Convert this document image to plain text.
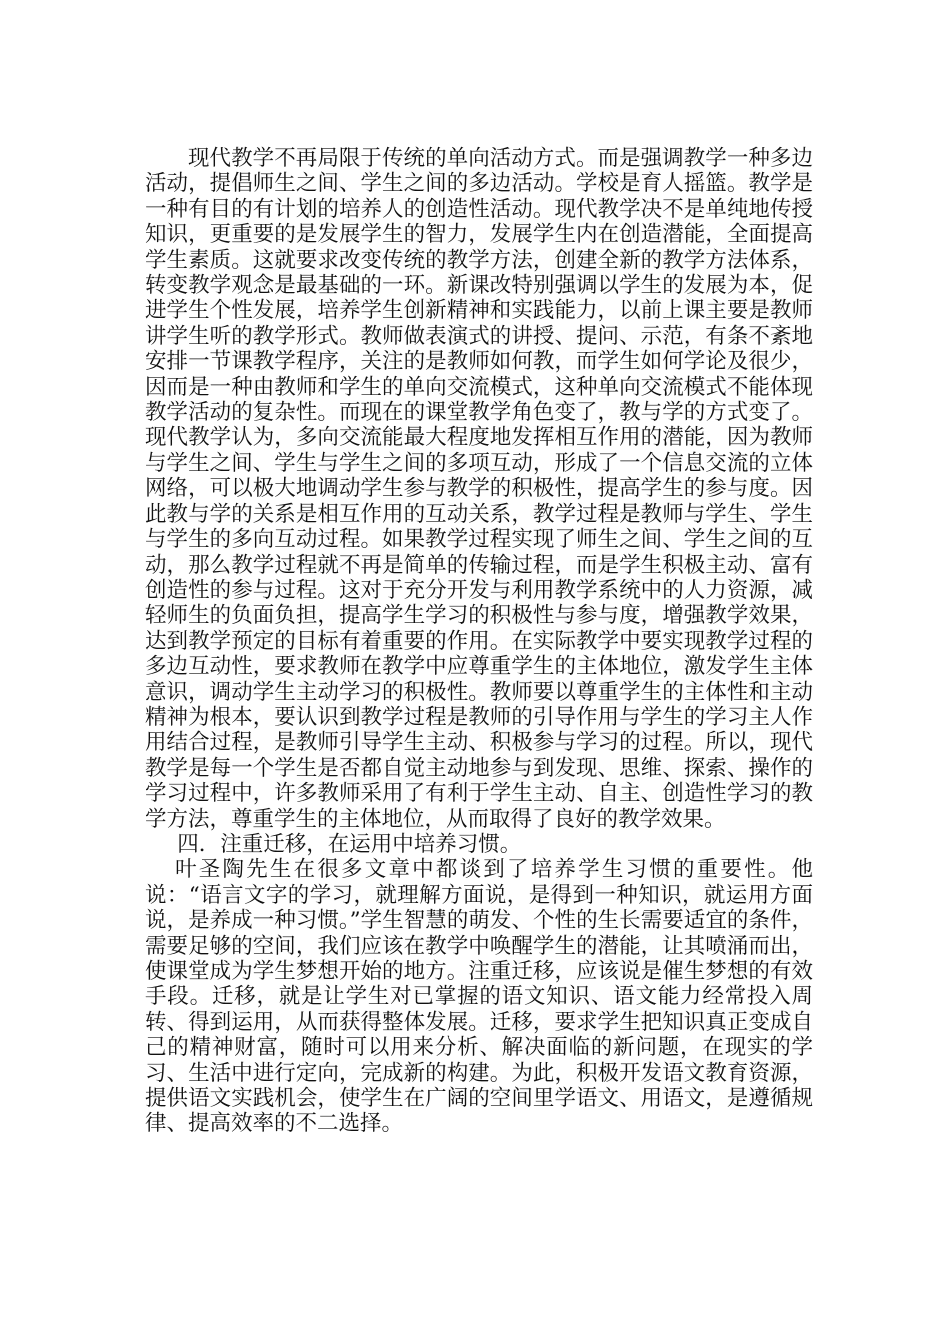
现代教学不再局限于传统的单向活动方式。而是强调教学一种多边活动，提倡师生之间、学生之间的多边活动。学校是育人摇篮。教学是一种有目的有计划的培养人的创造性活动。现代教学决不是单纯地传授知识，更重要的是发展学生的智力，发展学生内在创造潜能，全面提高学生素质。这就要求改变传统的教学方法，创建全新的教学方法体系，转变教学观念是最基础的一环。新课改特别强调以学生的发展为本，促进学生个性发展，培养学生创新精神和实践能力，以前上课主要是教师讲学生听的教学形式。教师做表演式的讲授、提问、示范，有条不紊地安排一节课教学程序，关注的是教师如何教，而学生如何学论及很少，因而是一种由教师和学生的单向交流模式，这种单向交流模式不能体现教学活动的复杂性。而现在的课堂教学角色变了，教与学的方式变了。现代教学认为，多向交流能最大程度地发挥相互作用的潜能，因为教师与学生之间、学生与学生之间的多项互动，形成了一个信息交流的立体网络，可以极大地调动学生参与教学的积极性，提高学生的参与度。因此教与学的关系是相互作用的互动关系，教学过程是教师与学生、学生与学生的多向互动过程。如果教学过程实现了师生之间、学生之间的互动，那么教学过程就不再是简单的传输过程，而是学生积极主动、富有创造性的参与过程。这对于充分开发与利用教学系统中的人力资源，减轻师生的负面负担，提高学生学习的积极性与参与度，增强教学效果，达到教学预定的目标有着重要的作用。在实际教学中要实现教学过程的多边互动性，要求教师在教学中应尊重学生的主体地位，激发学生主体意识，调动学生主动学习的积极性。教师要以尊重学生的主体性和主动精神为根本，要认识到教学过程是教师的引导作用与学生的学习主人作用结合过程，是教师引导学生主动、积极参与学习的过程。所以，现代教学是每一个学生是否都自觉主动地参与到发现、思维、探索、操作的学习过程中，许多教师采用了有利于学生主动、自主、创造性学习的教学方法，尊重学生的主体地位，从而取得了良好的教学效果。

四．注重迁移，在运用中培养习惯。

叶圣陶先生在很多文章中都谈到了培养学生习惯的重要性。他说：“语言文字的学习，就理解方面说，是得到一种知识，就运用方面说，是养成一种习惯。”学生智慧的萌发、个性的生长需要适宜的条件，需要足够的空间，我们应该在教学中唤醒学生的潜能，让其喷涌而出，使课堂成为学生梦想开始的地方。注重迁移，应该说是催生梦想的有效手段。迁移，就是让学生对已掌握的语文知识、语文能力经常投入周转、得到运用，从而获得整体发展。迁移，要求学生把知识真正变成自己的精神财富，随时可以用来分析、解决面临的新问题，在现实的学习、生活中进行定向，完成新的构建。为此，积极开发语文教育资源，提供语文实践机会，使学生在广阔的空间里学语文、用语文，是遵循规律、提高效率的不二选择。
